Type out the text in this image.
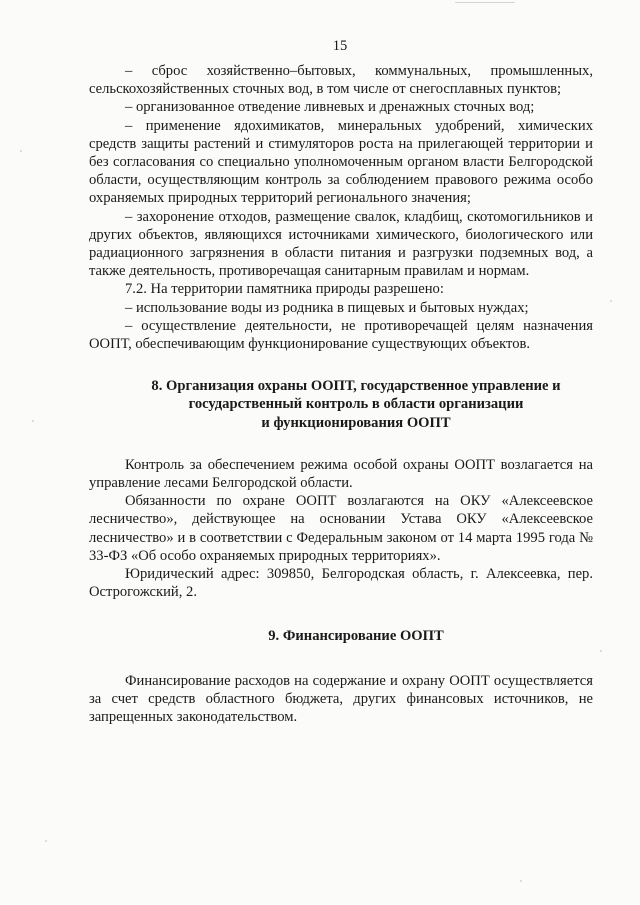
15

– сброс хозяйственно–бытовых, коммунальных, промышленных, сельскохозяйственных сточных вод, в том числе от снегосплавных пунктов;

– организованное отведение ливневых и дренажных сточных вод;

– применение ядохимикатов, минеральных удобрений, химических средств защиты растений и стимуляторов роста на прилегающей территории и без согласования со специально уполномоченным органом власти Белгородской области, осуществляющим контроль за соблюдением правового режима особо охраняемых природных территорий регионального значения;

– захоронение отходов, размещение свалок, кладбищ, скотомогильников и других объектов, являющихся источниками химического, биологического или радиационного загрязнения в области питания и разгрузки подземных вод, а также деятельность, противоречащая санитарным правилам и нормам.

7.2. На территории памятника природы разрешено:

– использование воды из родника в пищевых и бытовых нуждах;

– осуществление деятельности, не противоречащей целям назначения ООПТ, обеспечивающим функционирование существующих объектов.

8. Организация охраны ООПТ, государственное управление и
государственный контроль в области организации
и функционирования ООПТ

Контроль за обеспечением режима особой охраны ООПТ возлагается на управление лесами Белгородской области.

Обязанности по охране ООПТ возлагаются на ОКУ «Алексеевское лесничество», действующее на основании Устава ОКУ «Алексеевское лесничество» и в соответствии с Федеральным законом от 14 марта 1995 года № 33-ФЗ «Об особо охраняемых природных территориях».

Юридический адрес: 309850, Белгородская область, г. Алексеевка, пер. Острогожский, 2.

9. Финансирование ООПТ

Финансирование расходов на содержание и охрану ООПТ осуществляется за счет средств областного бюджета, других финансовых источников, не запрещенных законодательством.
